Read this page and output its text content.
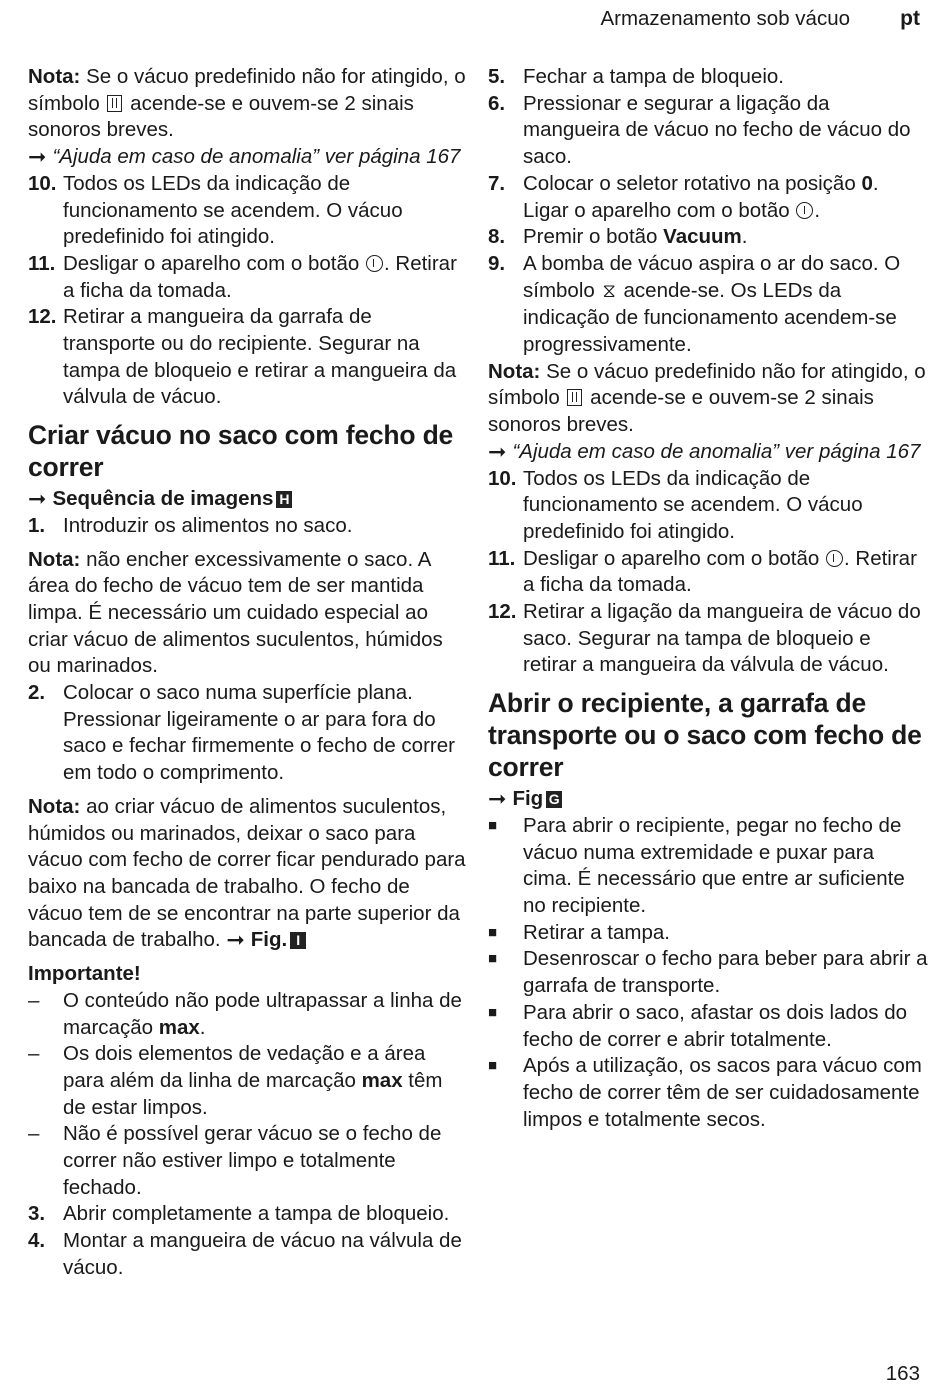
Armazenamento sob vácuo pt

Nota: Se o vácuo predefinido não for atingido, o símbolo  acende-se e ouvem-se 2 sinais sonoros breves.

➞ “Ajuda em caso de anomalia” ver página 167

10. Todos os LEDs da indicação de funcionamento se acendem. O vácuo predefinido foi atingido.
11. Desligar o aparelho com o botão . Retirar a ficha da tomada.
12. Retirar a mangueira da garrafa de transporte ou do recipiente. Segurar na tampa de bloqueio e retirar a mangueira da válvula de vácuo.
Criar vácuo no saco com fecho de correr

➞ Sequência de imagens H

1. Introduzir os alimentos no saco.

Nota: não encher excessivamente o saco. A área do fecho de vácuo tem de ser mantida limpa. É necessário um cuidado especial ao criar vácuo de alimentos suculentos, húmidos ou marinados.

2. Colocar o saco numa superfície plana. Pressionar ligeiramente o ar para fora do saco e fechar firmemente o fecho de correr em todo o comprimento.

Nota: ao criar vácuo de alimentos suculentos, húmidos ou marinados, deixar o saco para vácuo com fecho de correr ficar pendurado para baixo na bancada de trabalho. O fecho de vácuo tem de se encontrar na parte superior da bancada de trabalho. ➞ Fig. I

Importante!

– O conteúdo não pode ultrapassar a linha de marcação max.
– Os dois elementos de vedação e a área para além da linha de marcação max têm de estar limpos.
– Não é possível gerar vácuo se o fecho de correr não estiver limpo e totalmente fechado.
3. Abrir completamente a tampa de bloqueio.
4. Montar a mangueira de vácuo na válvula de vácuo.
5. Fechar a tampa de bloqueio.
6. Pressionar e segurar a ligação da mangueira de vácuo no fecho de vácuo do saco.
7. Colocar o seletor rotativo na posição 0. Ligar o aparelho com o botão .
8. Premir o botão Vacuum.
9. A bomba de vácuo aspira o ar do saco. O símbolo ⧖ acende-se. Os LEDs da indicação de funcionamento acendem-se progressivamente.

Nota: Se o vácuo predefinido não for atingido, o símbolo  acende-se e ouvem-se 2 sinais sonoros breves.

➞ “Ajuda em caso de anomalia” ver página 167

10. Todos os LEDs da indicação de funcionamento se acendem. O vácuo predefinido foi atingido.
11. Desligar o aparelho com o botão . Retirar a ficha da tomada.
12. Retirar a ligação da mangueira de vácuo do saco. Segurar na tampa de bloqueio e retirar a mangueira da válvula de vácuo.
Abrir o recipiente, a garrafa de transporte ou o saco com fecho de correr

➞ Fig G

■ Para abrir o recipiente, pegar no fecho de vácuo numa extremidade e puxar para cima. É necessário que entre ar suficiente no recipiente.
■ Retirar a tampa.
■ Desenroscar o fecho para beber para abrir a garrafa de transporte.
■ Para abrir o saco, afastar os dois lados do fecho de correr e abrir totalmente.
■ Após a utilização, os sacos para vácuo com fecho de correr têm de ser cuidadosamente limpos e totalmente secos.
163
